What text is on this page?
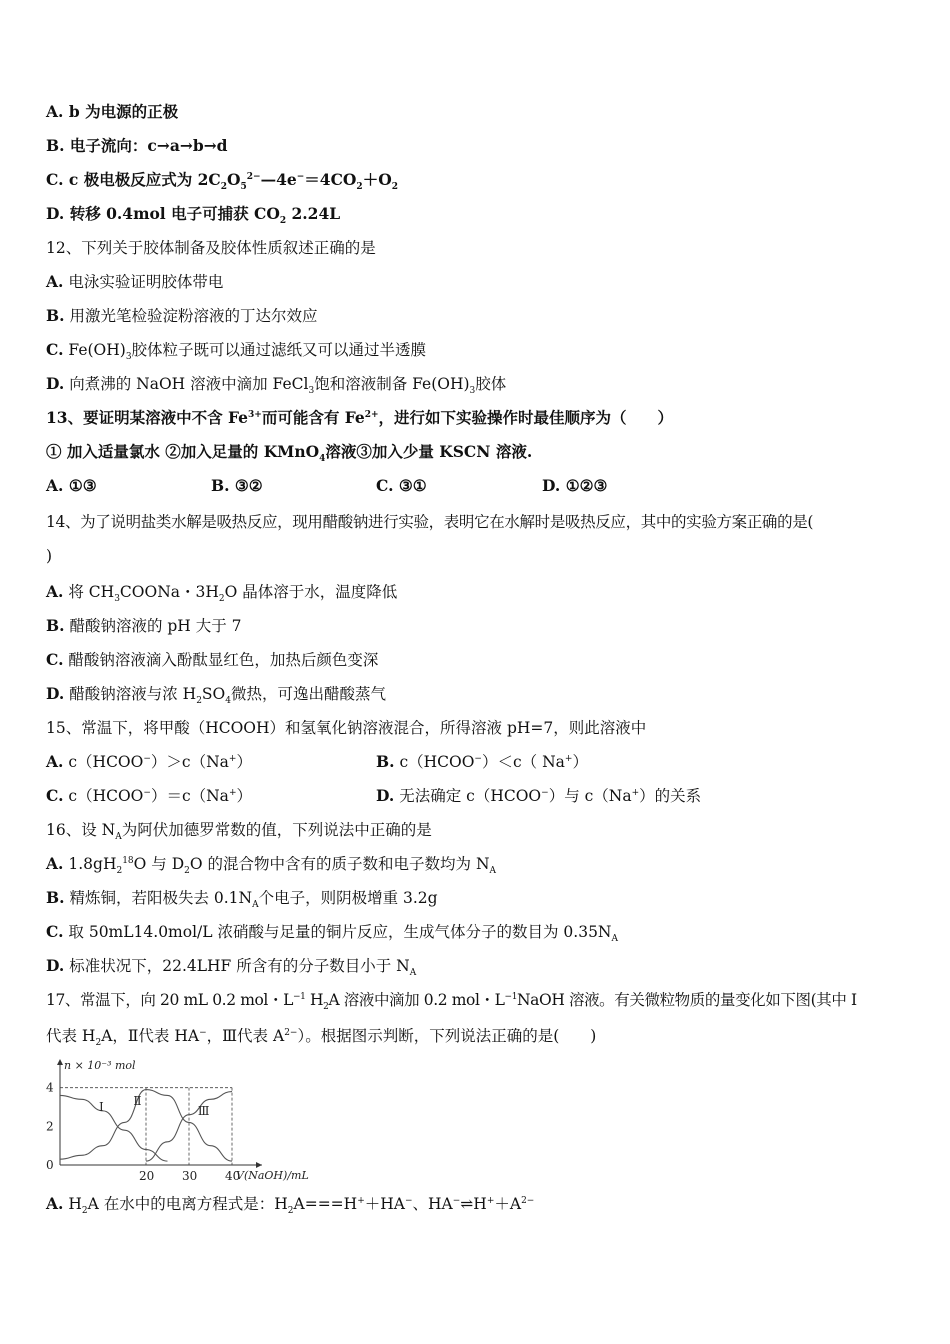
A. b 为电源的正极
B. 电子流向：c→a→b→d
C. c 极电极反应式为 $2C_2O_5^{2-}—4e^-=4CO_2+O_2$
D. 转移 0.4mol 电子可捕获 $CO_2$ 2.24L
12、下列关于胶体制备及胶体性质叙述正确的是
A. 电泳实验证明胶体带电
B. 用激光笔检验淀粉溶液的丁达尔效应
C. $Fe(OH)_3$胶体粒子既可以通过滤纸又可以通过半透膜
D. 向煮沸的 NaOH 溶液中滴加 FeCl$_3$饱和溶液制备 $Fe(OH)_3$胶体
13、要证明某溶液中不含 $Fe^{3+}$而可能含有 $Fe^{2+}$，进行如下实验操作时最佳顺序为（　　）
① 加入适量氯水 ②加入足量的 KMnO$_4$溶液③加入少量 KSCN 溶液.
A. ①③	B. ③②	C. ③①	D. ①②③
14、为了说明盐类水解是吸热反应，现用醋酸钠进行实验，表明它在水解时是吸热反应，其中的实验方案正确的是(
)
A. 将 $CH_3COONa$・$3H_2O$ 晶体溶于水，温度降低
B. 醋酸钠溶液的 pH 大于 7
C. 醋酸钠溶液滴入酚酞显红色，加热后颜色变深
D. 醋酸钠溶液与浓 $H_2SO_4$微热，可逸出醋酸蒸气
15、常温下，将甲酸（HCOOH）和氢氧化钠溶液混合，所得溶液 pH=7，则此溶液中
A. c（HCOO−）＞c（Na+）	B. c（HCOO−）＜c（ Na+）
C. c（HCOO−）＝c（Na+）	D. 无法确定 c（HCOO−）与 c（Na+）的关系
16、设 $N_A$为阿伏加德罗常数的值，下列说法中正确的是
A. $1.8gH_2^{18}O$ 与 $D_2O$ 的混合物中含有的质子数和电子数均为 $N_A$
B. 精炼铜，若阳极失去 $0.1N_A$个电子，则阴极增重 3.2g
C. 取 50mL14.0mol/L 浓硝酸与足量的铜片反应，生成气体分子的数目为 $0.35N_A$
D. 标准状况下，22.4LHF 所含有的分子数目小于 $N_A$
17、常温下，向 20 mL 0.2 mol・$L^{-1}$ $H_2A$ 溶液中滴加 0.2 mol・$L^{-1}NaOH$ 溶液。有关微粒物质的量变化如下图(其中 I
代表 $H_2A$，Ⅱ代表 HA−，Ⅲ代表 $A^{2-}$）。根据图示判断，下列说法正确的是(　　)
n × 10⁻³ mol
V(NaOH)/mL
0
2
4
20 30 40
Ⅰ Ⅱ
Ⅲ
A. $H_2A$ 在水中的电离方程式是：$H_2A===H^++HA^-$、$HA^-\rightleftharpoons H^++A^{2-}$
